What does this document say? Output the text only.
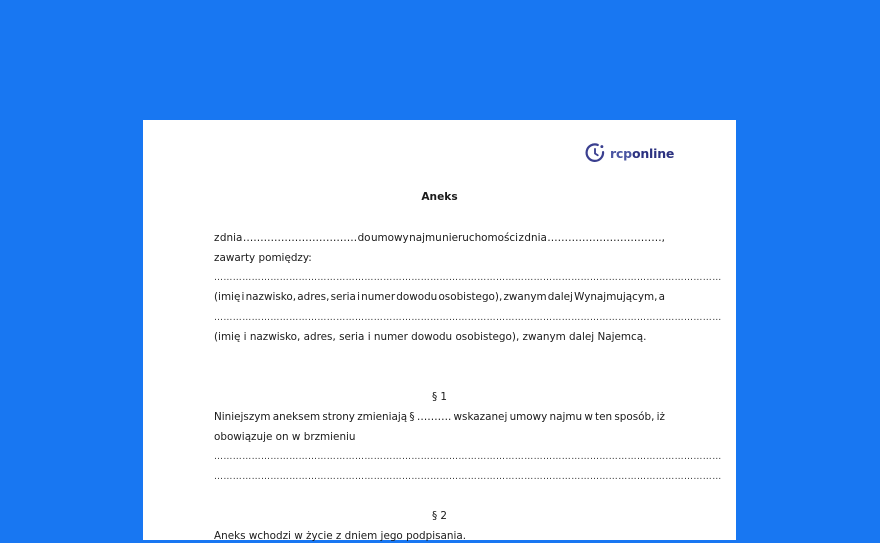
rcponline
Aneks
z dnia …………………………… do umowy najmu nieruchomości z dnia ……………………………,
zawarty pomiędzy:
………………………………………………………………………………………………………………………………………………
(imię i nazwisko, adres, seria i numer dowodu osobistego), zwanym dalej Wynajmującym, a
………………………………………………………………………………………………………………………………………………
(imię i nazwisko, adres, seria i numer dowodu osobistego), zwanym dalej Najemcą.
§ 1
Niniejszym aneksem strony zmieniają § ………. wskazanej umowy najmu w ten sposób, iż
obowiązuje on w brzmieniu
………………………………………………………………………………………………………………………………………………
………………………………………………………………………………………………………………………………………………
§ 2
Aneks wchodzi w życie z dniem jego podpisania.
